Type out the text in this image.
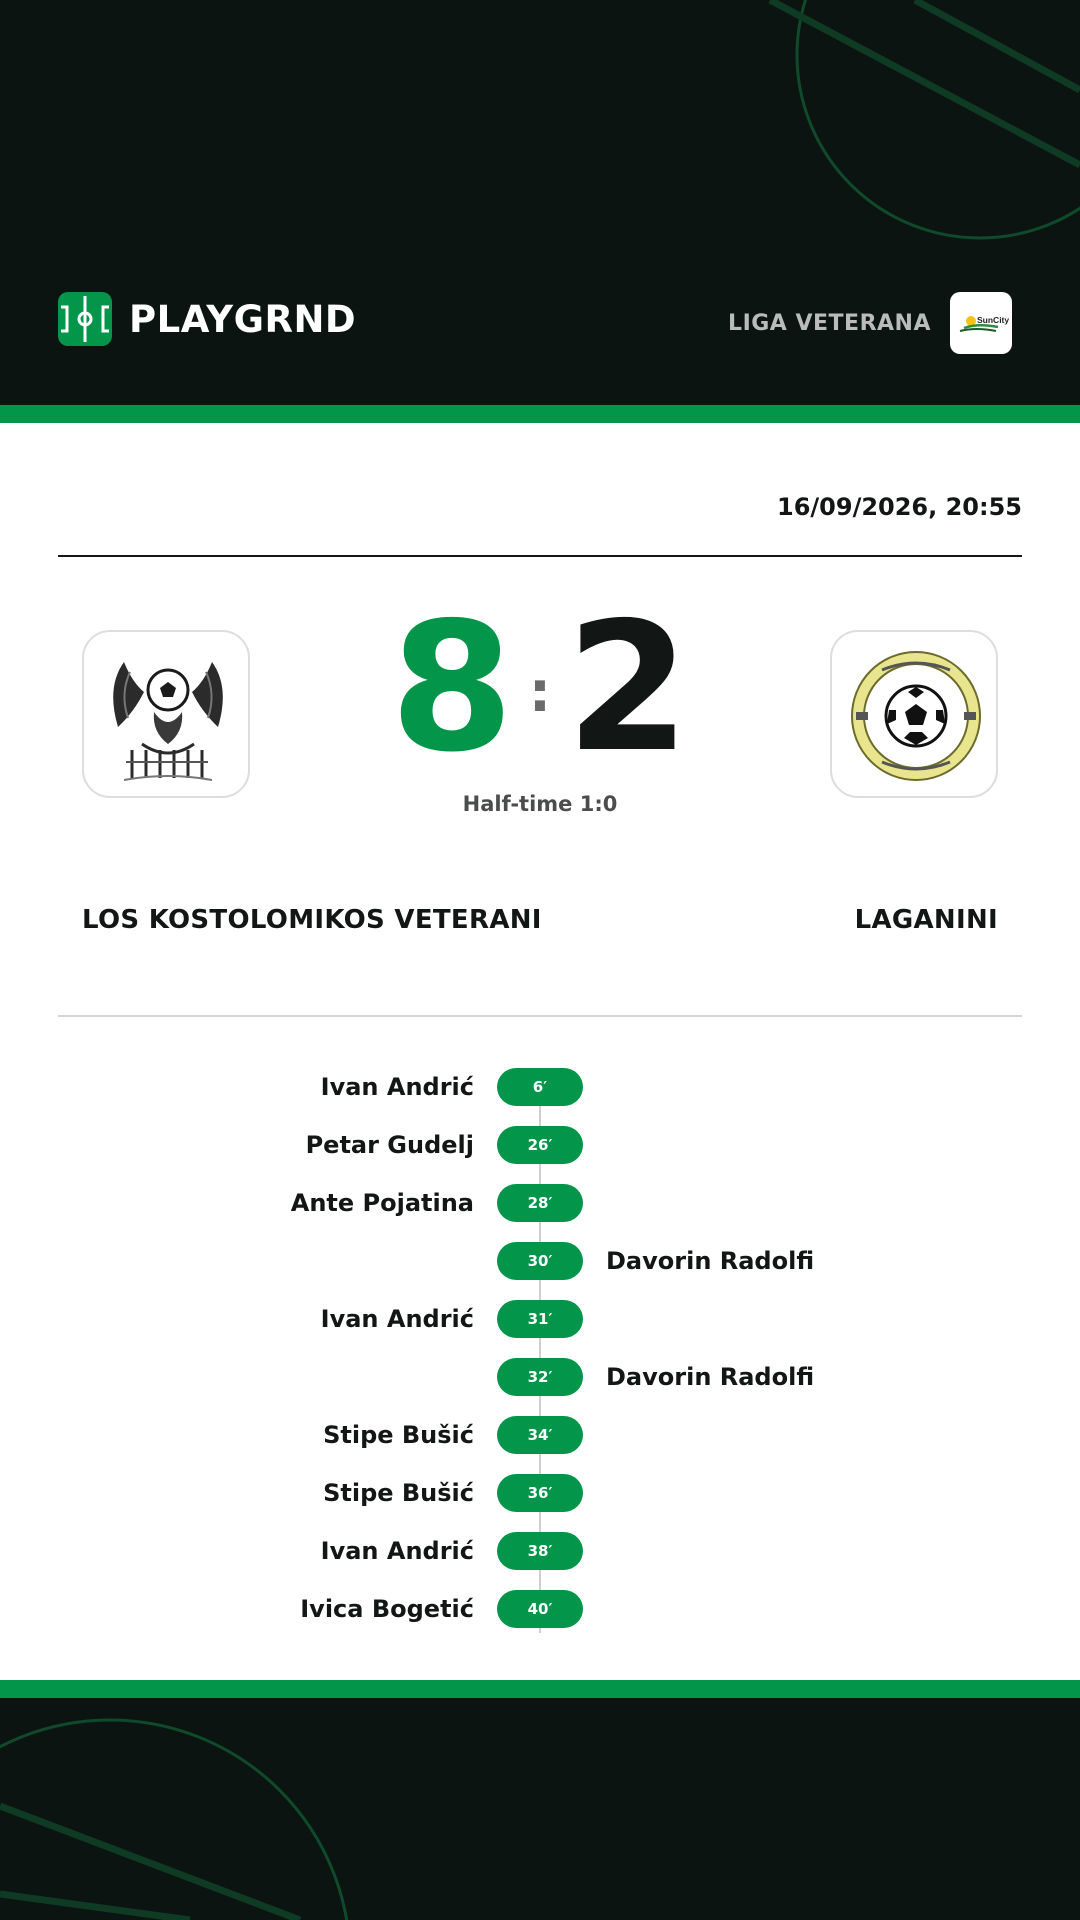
PLAYGRND	LIGA VETERANA	SunCity
16/09/2026, 20:55
8 : 2
Half-time 1:0
LOS KOSTOLOMIKOS VETERANI	LAGANINI
Ivan Andrić	6′
Petar Gudelj	26′
Ante Pojatina	28′
30′	Davorin Radolfi
Ivan Andrić	31′
32′	Davorin Radolfi
Stipe Bušić	34′
Stipe Bušić	36′
Ivan Andrić	38′
Ivica Bogetić	40′
